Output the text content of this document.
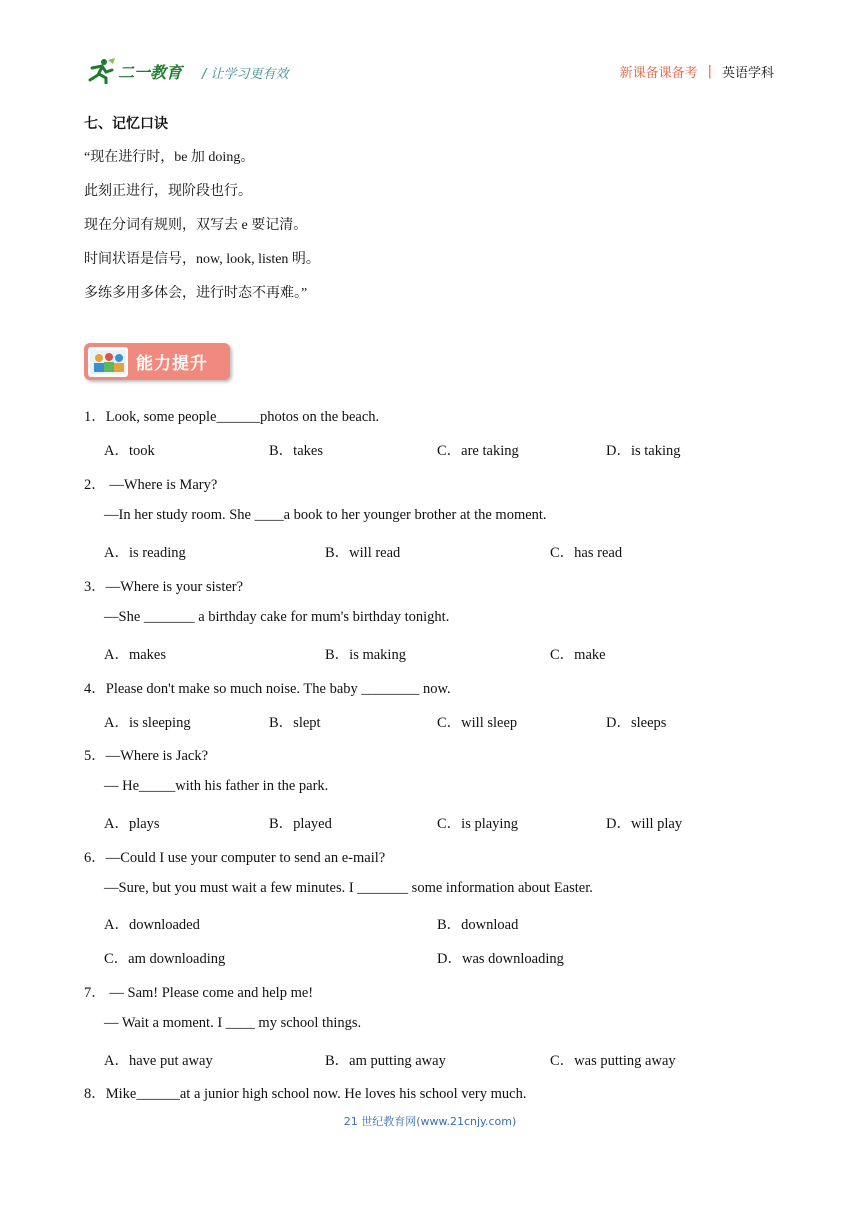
二一教育 / 让学习更有效	新课备课备考 | 英语学科
七、记忆口诀
“现在进行时，be 加 doing。
此刻正进行，现阶段也行。
现在分词有规则，双写去 e 要记清。
时间状语是信号，now, look, listen 明。
多练多用多体会，进行时态不再难。”
能力提升
1．Look, some people______photos on the beach.
A．took	B．takes	C．are taking	D．is taking
2． —Where is Mary?
—In her study room. She ____a book to her younger brother at the moment.
A．is reading	B．will read	C．has read
3．—Where is your sister?
—She _______ a birthday cake for mum's birthday tonight.
A．makes	B．is making	C．make
4．Please don't make so much noise. The baby ________ now.
A．is sleeping	B．slept	C．will sleep	D．sleeps
5．—Where is Jack?
— He_____with his father in the park.
A．plays	B．played	C．is playing	D．will play
6．—Could I use your computer to send an e-mail?
—Sure, but you must wait a few minutes. I _______ some information about Easter.
A．downloaded	B．download
C．am downloading	D．was downloading
7． — Sam! Please come and help me!
— Wait a moment. I ____ my school things.
A．have put away	B．am putting away	C．was putting away
8．Mike______at a junior high school now. He loves his school very much.
21 世纪教育网(www.21cnjy.com)
